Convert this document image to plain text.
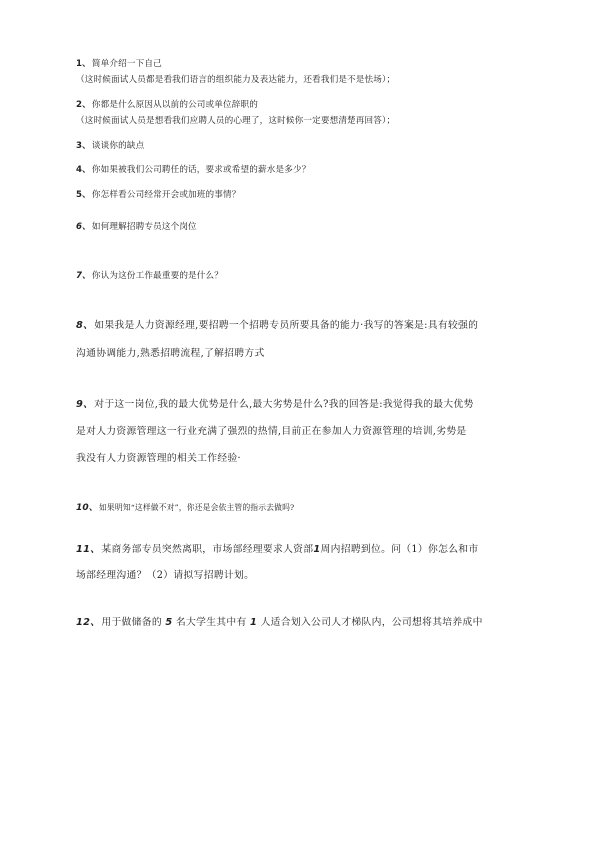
1、简单介绍一下自己
（这时候面试人员都是看我们语言的组织能力及表达能力，还看我们是不是怯场）；
2、你都是什么原因从以前的公司或单位辞职的
（这时候面试人员是想看我们应聘人员的心理了，这时候你一定要想清楚再回答）；
3、谈谈你的缺点
4、你如果被我们公司聘任的话，要求或希望的薪水是多少？
5、你怎样看公司经常开会或加班的事情？
6、如何理解招聘专员这个岗位
7、你认为这份工作最重要的是什么？
8、如果我是人力资源经理,要招聘一个招聘专员所要具备的能力·我写的答案是:具有较强的
沟通协调能力,熟悉招聘流程,了解招聘方式
9、对于这一岗位,我的最大优势是什么,最大劣势是什么?我的回答是:我觉得我的最大优势
是对人力资源管理这一行业充满了强烈的热情,目前正在参加人力资源管理的培训,劣势是
我没有人力资源管理的相关工作经验·
10、如果明知“这样做不对”，你还是会依主管的指示去做吗?
11、某商务部专员突然离职，市场部经理要求人资部1周内招聘到位。问（1）你怎么和市
场部经理沟通？（2）请拟写招聘计划。
12、用于做储备的 5 名大学生其中有 1 人适合划入公司人才梯队内，公司想将其培养成中
